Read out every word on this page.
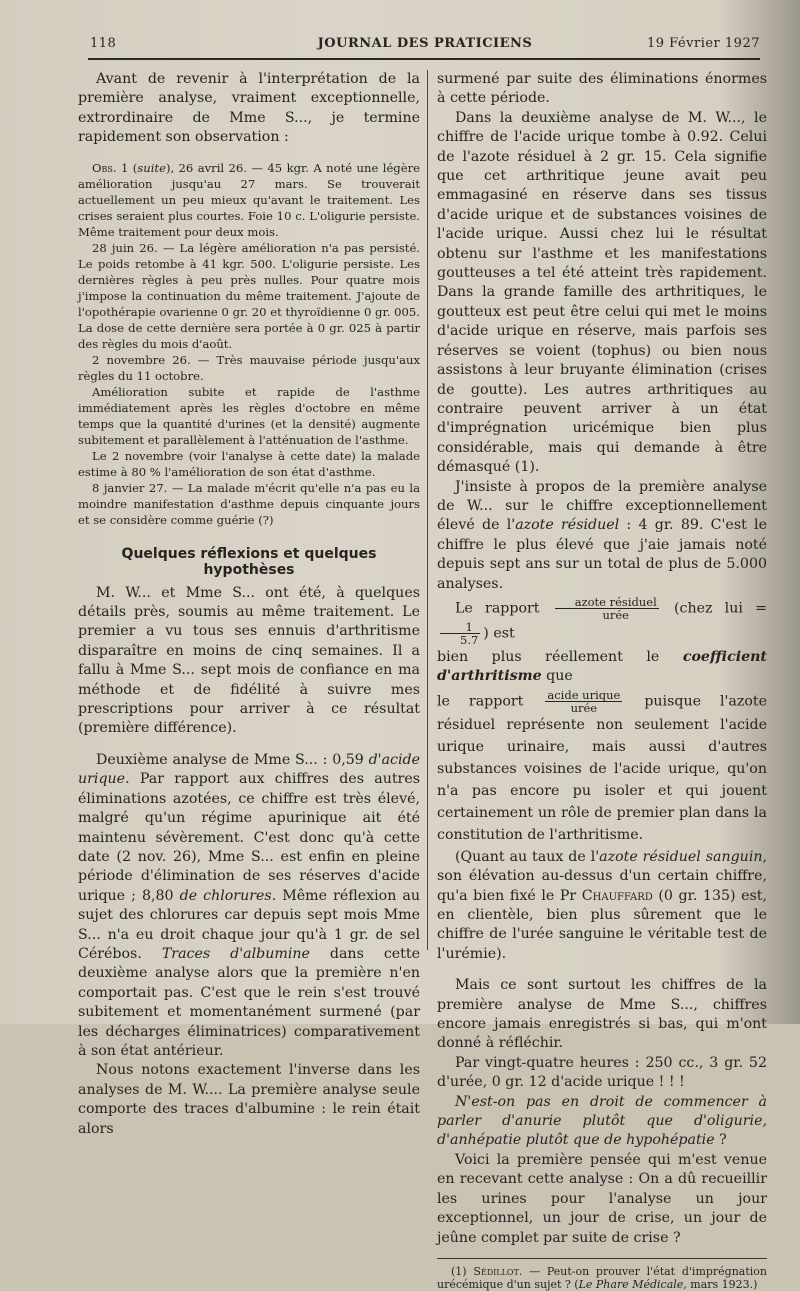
118	JOURNAL DES PRATICIENS	19 Février 1927

Avant de revenir à l'interprétation de la première analyse, vraiment exceptionnelle, extrordinaire de Mme S..., je termine rapidement son observation :

Obs. 1 (suite), 26 avril 26. — 45 kgr. A noté une légère amélioration jusqu'au 27 mars. Se trouverait actuellement un peu mieux qu'avant le traitement. Les crises seraient plus courtes. Foie 10 c. L'oligurie persiste. Même traitement pour deux mois.

28 juin 26. — La légère amélioration n'a pas persisté. Le poids retombe à 41 kgr. 500. L'oligurie persiste. Les dernières règles à peu près nulles. Pour quatre mois j'impose la continuation du même traitement. J'ajoute de l'opothérapie ovarienne 0 gr. 20 et thyroïdienne 0 gr. 005. La dose de cette dernière sera portée à 0 gr. 025 à partir des règles du mois d'août.

2 novembre 26. — Très mauvaise période jusqu'aux règles du 11 octobre.

Amélioration subite et rapide de l'asthme immédiatement après les règles d'octobre en même temps que la quantité d'urines (et la densité) augmente subitement et parallèlement à l'atténuation de l'asthme.

Le 2 novembre (voir l'analyse à cette date) la malade estime à 80 % l'amélioration de son état d'asthme.

8 janvier 27. — La malade m'écrit qu'elle n'a pas eu la moindre manifestation d'asthme depuis cinquante jours et se considère comme guérie (?)

Quelques réflexions et quelques hypothèses

M. W... et Mme S... ont été, à quelques détails près, soumis au même traitement. Le premier a vu tous ses ennuis d'arthritisme disparaître en moins de cinq semaines. Il a fallu à Mme S... sept mois de confiance en ma méthode et de fidélité à suivre mes prescriptions pour arriver à ce résultat (première différence).

Deuxième analyse de Mme S... : 0,59 d'acide urique. Par rapport aux chiffres des autres éliminations azotées, ce chiffre est très élevé, malgré qu'un régime apurinique ait été maintenu sévèrement. C'est donc qu'à cette date (2 nov. 26), Mme S... est enfin en pleine période d'élimination de ses réserves d'acide urique ; 8,80 de chlorures. Même réflexion au sujet des chlorures car depuis sept mois Mme S... n'a eu droit chaque jour qu'à 1 gr. de sel Cérébos. Traces d'albumine dans cette deuxième analyse alors que la première n'en comportait pas. C'est que le rein s'est trouvé subitement et momentanément surmené (par les décharges éliminatrices) comparativement à son état antérieur.

Nous notons exactement l'inverse dans les analyses de M. W.... La première analyse seule comporte des traces d'albumine : le rein était alors

surmené par suite des éliminations énormes à cette période.

Dans la deuxième analyse de M. W..., le chiffre de l'acide urique tombe à 0.92. Celui de l'azote résiduel à 2 gr. 15. Cela signifie que cet arthritique jeune avait peu emmagasiné en réserve dans ses tissus d'acide urique et de substances voisines de l'acide urique. Aussi chez lui le résultat obtenu sur l'asthme et les manifestations goutteuses a tel été atteint très rapidement. Dans la grande famille des arthritiques, le goutteux est peut être celui qui met le moins d'acide urique en réserve, mais parfois ses réserves se voient (tophus) ou bien nous assistons à leur bruyante élimination (crises de goutte). Les autres arthritiques au contraire peuvent arriver à un état d'imprégnation uricémique bien plus considérable, mais qui demande à être démasqué (1).

J'insiste à propos de la première analyse de W... sur le chiffre exceptionnellement élevé de l'azote résiduel : 4 gr. 89. C'est le chiffre le plus élevé que j'aie jamais noté depuis sept ans sur un total de plus de 5.000 analyses.

Le rapport $\frac{\text{azote résiduel}}{\text{urée}}$ (chez lui =
$\frac{1}{5.7}$ ) est

bien plus réellement le coefficient d'arthritisme que

le rapport $\frac{\text{acide urique}}{\text{urée}}$ puisque l'azote résiduel représente non seulement l'acide urique urinaire, mais aussi d'autres substances voisines de l'acide urique, qu'on n'a pas encore pu isoler et qui jouent certainement un rôle de premier plan dans la constitution de l'arthritisme.

(Quant au taux de l'azote résiduel sanguin, son élévation au-dessus d'un certain chiffre, qu'a bien fixé le Pr Chauffard (0 gr. 135) est, en clientèle, bien plus sûrement que le chiffre de l'urée sanguine le véritable test de l'urémie).

Mais ce sont surtout les chiffres de la première analyse de Mme S..., chiffres encore jamais enregistrés si bas, qui m'ont donné à réfléchir.

Par vingt-quatre heures : 250 cc., 3 gr. 52 d'urée, 0 gr. 12 d'acide urique ! ! !

N'est-on pas en droit de commencer à parler d'anurie plutôt que d'oligurie, d'anhépatie plutôt que de hypohépatie ?

Voici la première pensée qui m'est venue en recevant cette analyse : On a dû recueillir les urines pour l'analyse un jour exceptionnel, un jour de crise, un jour de jeûne complet par suite de crise ?

(1) Sédillot. — Peut-on prouver l'état d'imprégnation urécémique d'un sujet ? (Le Phare Médicale, mars 1923.)
